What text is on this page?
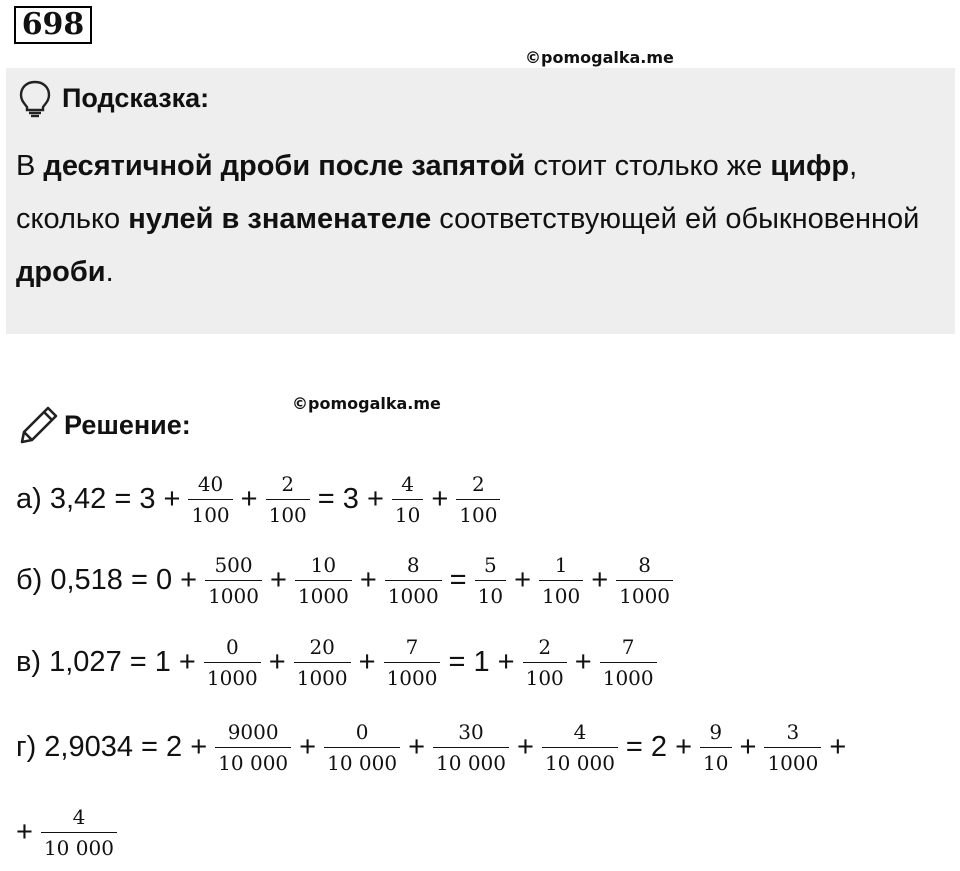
698
©pomogalka.me
Подсказка:
В десятичной дроби после запятой стоит столько же цифр, сколько нулей в знаменателе соответствующей ей обыкновенной дроби.
©pomogalka.me
Решение:
а) $3,42 = 3 + \frac{40}{100} + \frac{2}{100} = 3 + \frac{4}{10} + \frac{2}{100}$
б) $0,518 = 0 + \frac{500}{1000} + \frac{10}{1000} + \frac{8}{1000} = \frac{5}{10} + \frac{1}{100} + \frac{8}{1000}$
в) $1,027 = 1 + \frac{0}{1000} + \frac{20}{1000} + \frac{7}{1000} = 1 + \frac{2}{100} + \frac{7}{1000}$
г) $2,9034 = 2 + \frac{9000}{10 000} + \frac{0}{10 000} + \frac{30}{10 000} + \frac{4}{10 000} = 2 + \frac{9}{10} + \frac{3}{1000}$ +
+ $\frac{4}{10 000}$
